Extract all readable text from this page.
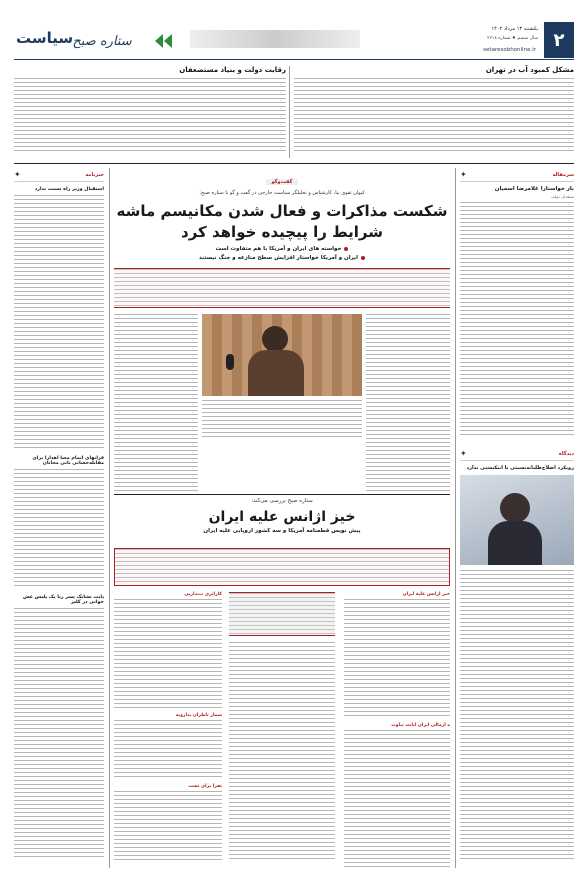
۲
یکشنبه ۱۳ مرداد ۱۴۰۲
سال ششم ♦ شماره ۲۶۱۸
setaresobhonline.ir
ستاره صبح
سیاست
مشکل کمبود آب در تهران
رقابت دولت و بنیاد مستضعفان
سرمقاله
✦
باز خواستارا غلامرضا اسمیان
منتقدان دولت
دیدگاه
✦
رویکرد اصلاح‌طلبانه‌تسبتی با انتکنشتی ندارد
خبرنامه
✦
استقبال وزیر راه نسبت ندارد
فرانهای اتمام معنا اهدارا برای مقابله‌خشانی بانی مجانان
پایت نشانک پسر ربا یک پلیس عش خوانی در کلیز
گفت‌وگو
کیوان تقوی نیا، کارشناس و تحلیلگر سیاست خارجی در گفت و گو با ستاره صبح:
شکست مذاکرات و فعال شدن مکانیسم ماشه
شرایط را پیچیده خواهد کرد
خواسته های ایران و آمریکا با هم متفاوت است
ایران و آمریکا خواستار افزایش سطح منازعه و جنگ نیستند
ستاره صبح بررسی می‌کند:
خیز اژانس علیه ایران
پیش نویس قطعنامه آمریکا و سه کشور اروپایی علیه ایران
خبر اژانس علیه ایران
ه ازمالی ایران ایانند نیاوت
کاراتری ب‌نداریی
شمار ناظران بداروبه
تفرا برای تست
